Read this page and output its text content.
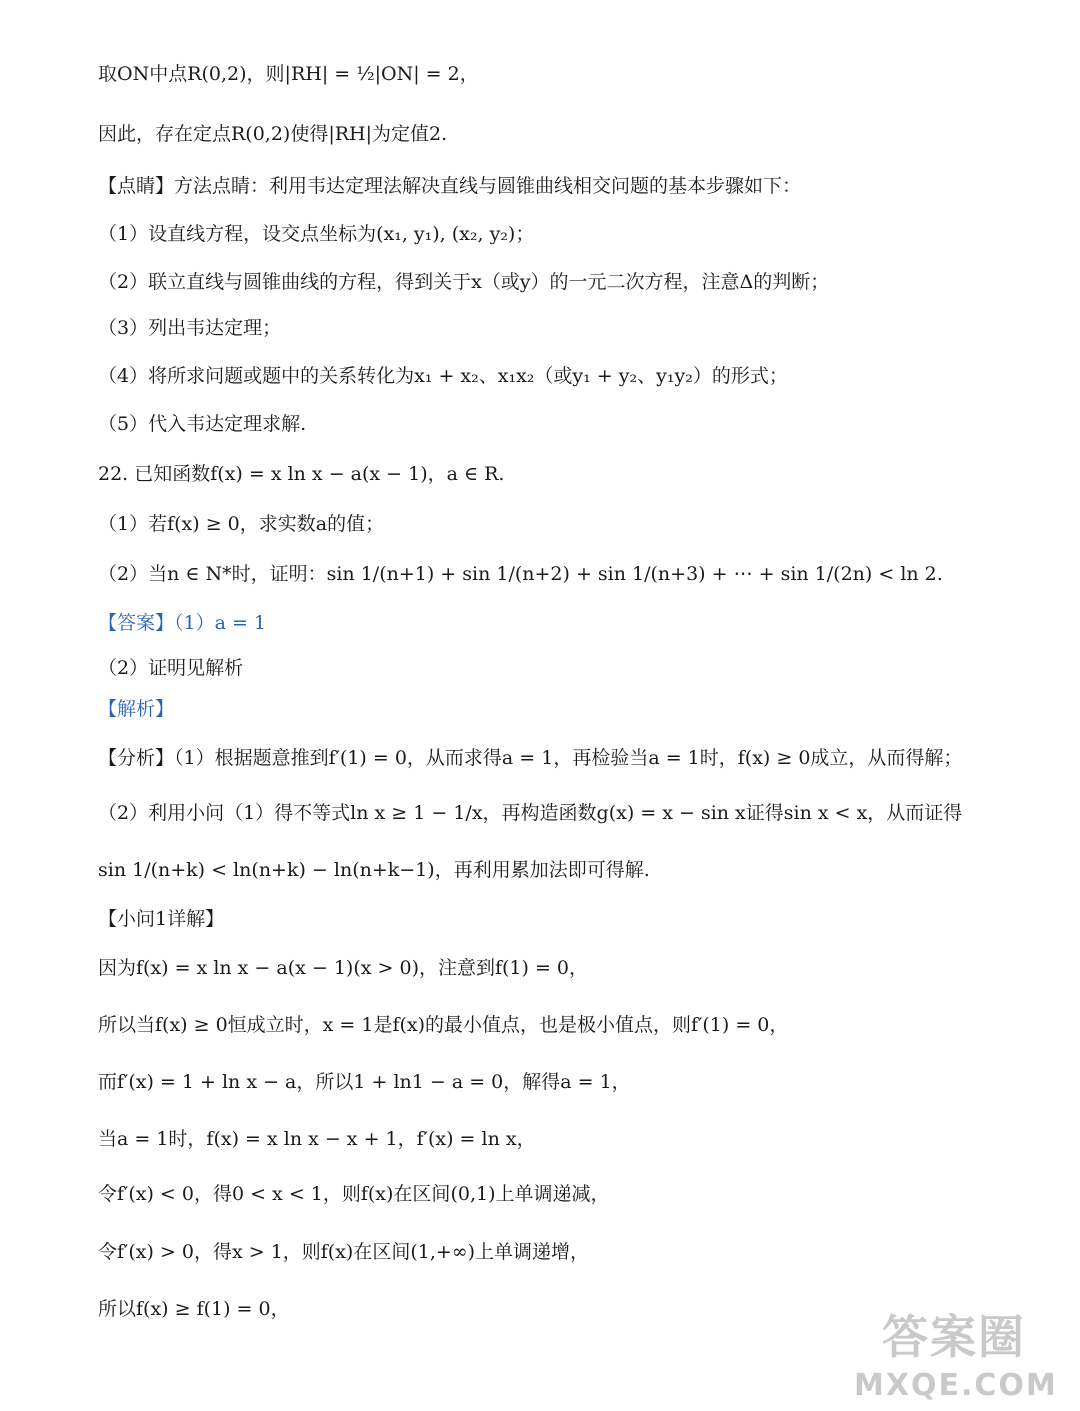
取ON中点R(0,2)，则|RH| = ½|ON| = 2，
因此，存在定点R(0,2)使得|RH|为定值2.
【点睛】方法点睛：利用韦达定理法解决直线与圆锥曲线相交问题的基本步骤如下：
（1）设直线方程，设交点坐标为(x₁, y₁), (x₂, y₂)；
（2）联立直线与圆锥曲线的方程，得到关于x（或y）的一元二次方程，注意Δ的判断；
（3）列出韦达定理；
（4）将所求问题或题中的关系转化为x₁ + x₂、x₁x₂（或y₁ + y₂、y₁y₂）的形式；
（5）代入韦达定理求解.
22. 已知函数f(x) = x ln x − a(x − 1)，a ∈ R.
（1）若f(x) ≥ 0，求实数a的值；
（2）当n ∈ N*时，证明：sin 1/(n+1) + sin 1/(n+2) + sin 1/(n+3) + ⋯ + sin 1/(2n) < ln 2.
【答案】（1）a = 1
（2）证明见解析
【解析】
【分析】（1）根据题意推到f′(1) = 0，从而求得a = 1，再检验当a = 1时，f(x) ≥ 0成立，从而得解；
（2）利用小问（1）得不等式ln x ≥ 1 − 1/x，再构造函数g(x) = x − sin x证得sin x < x，从而证得
sin 1/(n+k) < ln(n+k) − ln(n+k−1)，再利用累加法即可得解.
【小问1详解】
因为f(x) = x ln x − a(x − 1)(x > 0)，注意到f(1) = 0，
所以当f(x) ≥ 0恒成立时，x = 1是f(x)的最小值点，也是极小值点，则f′(1) = 0，
而f′(x) = 1 + ln x − a，所以1 + ln1 − a = 0，解得a = 1，
当a = 1时，f(x) = x ln x − x + 1，f′(x) = ln x，
令f′(x) < 0，得0 < x < 1，则f(x)在区间(0,1)上单调递减，
令f′(x) > 0，得x > 1，则f(x)在区间(1,+∞)上单调递增，
所以f(x) ≥ f(1) = 0，
答案圈
MXQE.COM
